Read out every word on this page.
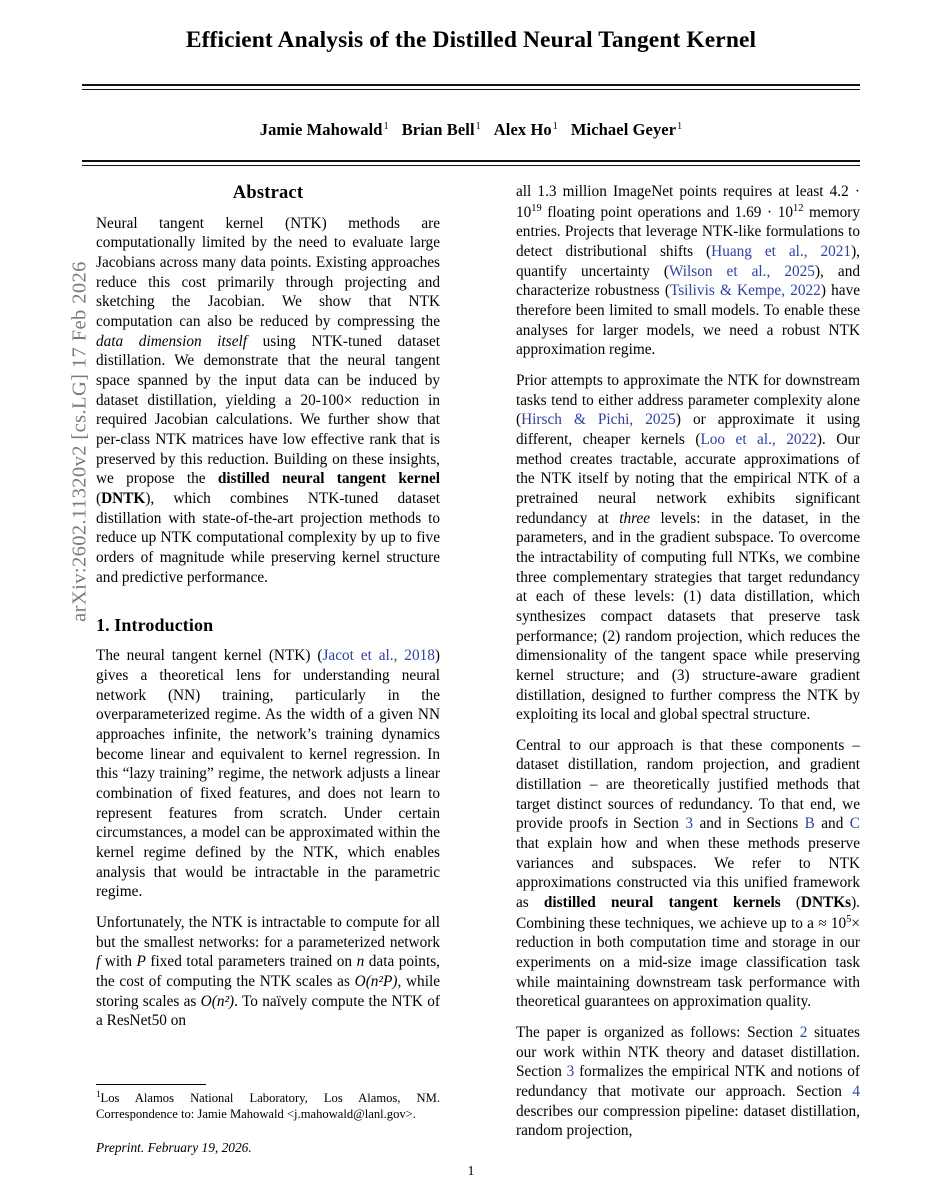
arXiv:2602.11320v2 [cs.LG] 17 Feb 2026
Efficient Analysis of the Distilled Neural Tangent Kernel
Jamie Mahowald$^1$ Brian Bell$^1$ Alex Ho$^1$ Michael Geyer$^1$
Abstract

Neural tangent kernel (NTK) methods are computationally limited by the need to evaluate large Jacobians across many data points. Existing approaches reduce this cost primarily through projecting and sketching the Jacobian. We show that NTK computation can also be reduced by compressing the data dimension itself using NTK-tuned dataset distillation. We demonstrate that the neural tangent space spanned by the input data can be induced by dataset distillation, yielding a 20-100× reduction in required Jacobian calculations. We further show that per-class NTK matrices have low effective rank that is preserved by this reduction. Building on these insights, we propose the distilled neural tangent kernel (DNTK), which combines NTK-tuned dataset distillation with state-of-the-art projection methods to reduce up NTK computational complexity by up to five orders of magnitude while preserving kernel structure and predictive performance.

1. Introduction

The neural tangent kernel (NTK) (Jacot et al., 2018) gives a theoretical lens for understanding neural network (NN) training, particularly in the overparameterized regime. As the width of a given NN approaches infinite, the network’s training dynamics become linear and equivalent to kernel regression. In this “lazy training” regime, the network adjusts a linear combination of fixed features, and does not learn to represent features from scratch. Under certain circumstances, a model can be approximated within the kernel regime defined by the NTK, which enables analysis that would be intractable in the parametric regime.

Unfortunately, the NTK is intractable to compute for all but the smallest networks: for a parameterized network f with P fixed total parameters trained on n data points, the cost of computing the NTK scales as O(n²P), while storing scales as O(n²). To naïvely compute the NTK of a ResNet50 on

all 1.3 million ImageNet points requires at least $4.2 \cdot 10^{19}$ floating point operations and $1.69 \cdot 10^{12}$ memory entries. Projects that leverage NTK-like formulations to detect distributional shifts (Huang et al., 2021), quantify uncertainty (Wilson et al., 2025), and characterize robustness (Tsilivis & Kempe, 2022) have therefore been limited to small models. To enable these analyses for larger models, we need a robust NTK approximation regime.

Prior attempts to approximate the NTK for downstream tasks tend to either address parameter complexity alone (Hirsch & Pichi, 2025) or approximate it using different, cheaper kernels (Loo et al., 2022). Our method creates tractable, accurate approximations of the NTK itself by noting that the empirical NTK of a pretrained neural network exhibits significant redundancy at three levels: in the dataset, in the parameters, and in the gradient subspace. To overcome the intractability of computing full NTKs, we combine three complementary strategies that target redundancy at each of these levels: (1) data distillation, which synthesizes compact datasets that preserve task performance; (2) random projection, which reduces the dimensionality of the tangent space while preserving kernel structure; and (3) structure-aware gradient distillation, designed to further compress the NTK by exploiting its local and global spectral structure.

Central to our approach is that these components – dataset distillation, random projection, and gradient distillation – are theoretically justified methods that target distinct sources of redundancy. To that end, we provide proofs in Section 3 and in Sections B and C that explain how and when these methods preserve variances and subspaces. We refer to NTK approximations constructed via this unified framework as distilled neural tangent kernels (DNTKs). Combining these techniques, we achieve up to $a \approx 10^5\times$ reduction in both computation time and storage in our experiments on a mid-size image classification task while maintaining downstream task performance with theoretical guarantees on approximation quality.

The paper is organized as follows: Section 2 situates our work within NTK theory and dataset distillation. Section 3 formalizes the empirical NTK and notions of redundancy that motivate our approach. Section 4 describes our compression pipeline: dataset distillation, random projection,

$^1$Los Alamos National Laboratory, Los Alamos, NM. Correspondence to: Jamie Mahowald <j.mahowald@lanl.gov>.
Preprint. February 19, 2026.
1
